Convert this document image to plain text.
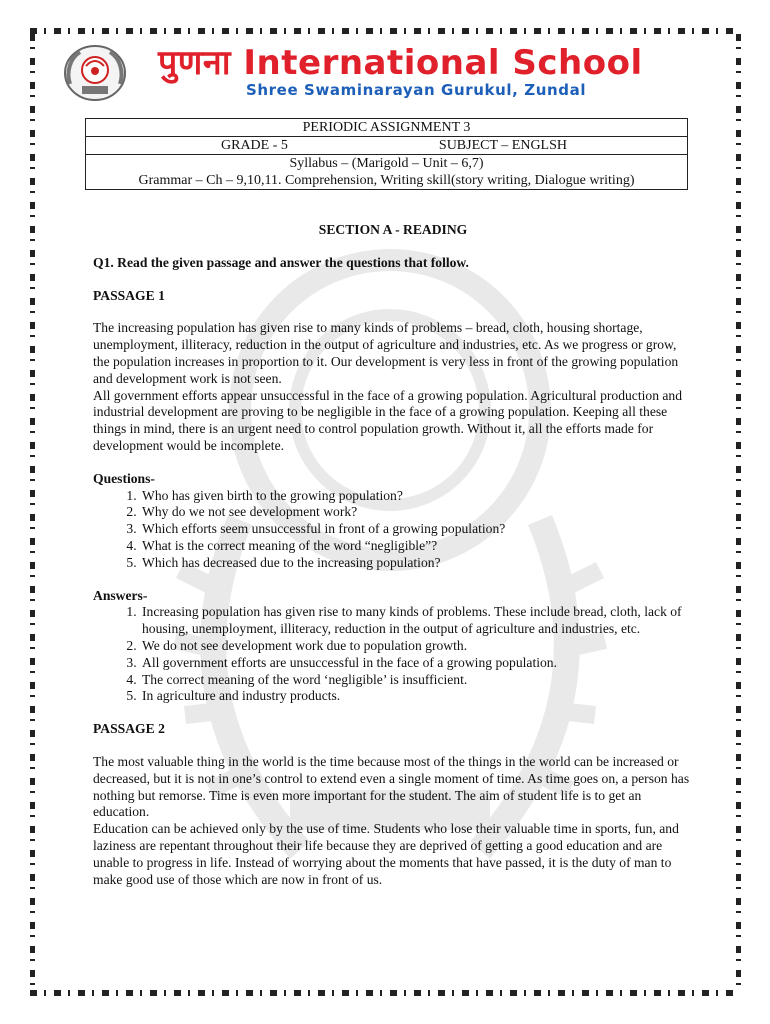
पुणना International School
Shree Swaminarayan Gurukul, Zundal
PERIODIC ASSIGNMENT 3

GRADE - 5	SUBJECT – ENGLSH

Syllabus – (Marigold – Unit – 6,7)
Grammar – Ch – 9,10,11. Comprehension, Writing skill(story writing, Dialogue writing)
SECTION A - READING
Q1. Read the given passage and answer the questions that follow.
PASSAGE 1

The increasing population has given rise to many kinds of problems – bread, cloth, housing shortage, unemployment, illiteracy, reduction in the output of agriculture and industries, etc. As we progress or grow, the population increases in proportion to it. Our development is very less in front of the growing population and development work is not seen.

All government efforts appear unsuccessful in the face of a growing population. Agricultural production and industrial development are proving to be negligible in the face of a growing population. Keeping all these things in mind, there is an urgent need to control population growth. Without it, all the efforts made for development would be incomplete.

Questions-
1. Who has given birth to the growing population?
2. Why do we not see development work?
3. Which efforts seem unsuccessful in front of a growing population?
4. What is the correct meaning of the word “negligible”?
5. Which has decreased due to the increasing population?
Answers-
1. Increasing population has given rise to many kinds of problems. These include bread, cloth, lack of housing, unemployment, illiteracy, reduction in the output of agriculture and industries, etc.
2. We do not see development work due to population growth.
3. All government efforts are unsuccessful in the face of a growing population.
4. The correct meaning of the word ‘negligible’ is insufficient.
5. In agriculture and industry products.
PASSAGE 2

The most valuable thing in the world is the time because most of the things in the world can be increased or decreased, but it is not in one’s control to extend even a single moment of time. As time goes on, a person has nothing but remorse. Time is even more important for the student. The aim of student life is to get an education.

Education can be achieved only by the use of time. Students who lose their valuable time in sports, fun, and laziness are repentant throughout their life because they are deprived of getting a good education and are unable to progress in life. Instead of worrying about the moments that have passed, it is the duty of man to make good use of those which are now in front of us.
